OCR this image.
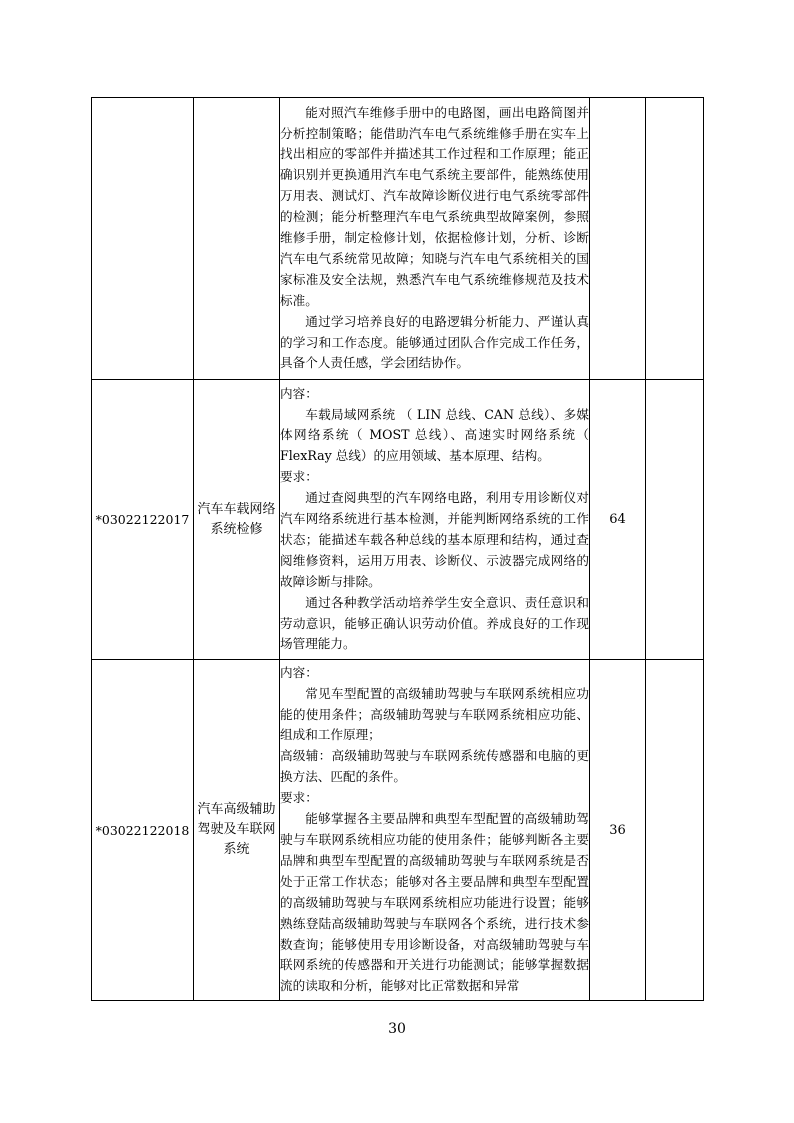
		能对照汽车维修手册中的电路图，画出电路简图并分析控制策略；能借助汽车电气系统维修手册在实车上找出相应的零部件并描述其工作过程和工作原理；能正确识别并更换通用汽车电气系统主要部件，能熟练使用万用表、测试灯、汽车故障诊断仪进行电气系统零部件的检测；能分析整理汽车电气系统典型故障案例，参照维修手册，制定检修计划，依据检修计划，分析、诊断汽车电气系统常见故障；知晓与汽车电气系统相关的国家标准及安全法规，熟悉汽车电气系统维修规范及技术标准。

通过学习培养良好的电路逻辑分析能力、严谨认真的学习和工作态度。能够通过团队合作完成工作任务，具备个人责任感，学会团结协作。		

*03022122017	汽车车载网络系统检修	内容：

车载局域网系统 （ LIN 总线、CAN 总线）、多媒体网络系统（ MOST 总线）、高速实时网络系统（ FlexRay 总线）的应用领域、基本原理、结构。

要求：

通过查阅典型的汽车网络电路，利用专用诊断仪对汽车网络系统进行基本检测，并能判断网络系统的工作状态；能描述车载各种总线的基本原理和结构，通过查阅维修资料，运用万用表、诊断仪、示波器完成网络的故障诊断与排除。

通过各种教学活动培养学生安全意识、责任意识和劳动意识，能够正确认识劳动价值。养成良好的工作现场管理能力。	64	
*03022122018	汽车高级辅助驾驶及车联网系统	内容：

常见车型配置的高级辅助驾驶与车联网系统相应功能的使用条件；高级辅助驾驶与车联网系统相应功能、组成和工作原理；

高级辅：高级辅助驾驶与车联网系统传感器和电脑的更换方法、匹配的条件。

要求：

能够掌握各主要品牌和典型车型配置的高级辅助驾驶与车联网系统相应功能的使用条件；能够判断各主要品牌和典型车型配置的高级辅助驾驶与车联网系统是否处于正常工作状态；能够对各主要品牌和典型车型配置的高级辅助驾驶与车联网系统相应功能进行设置；能够熟练登陆高级辅助驾驶与车联网各个系统，进行技术参数查询；能够使用专用诊断设备，对高级辅助驾驶与车联网系统的传感器和开关进行功能测试；能够掌握数据流的读取和分析，能够对比正常数据和异常	36	
30
